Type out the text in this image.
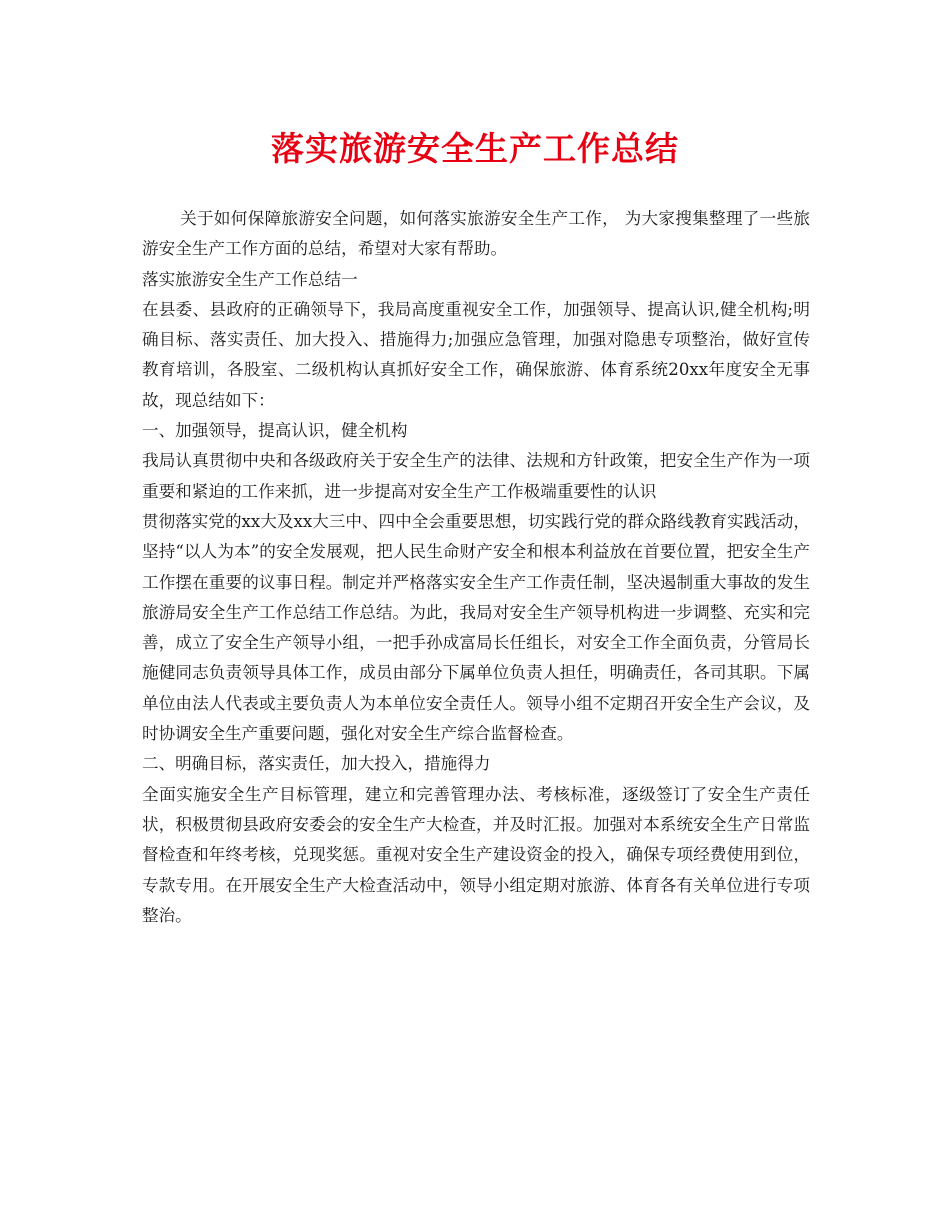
落实旅游安全生产工作总结

关于如何保障旅游安全问题，如何落实旅游安全生产工作， 为大家搜集整理了一些旅游安全生产工作方面的总结，希望对大家有帮助。

落实旅游安全生产工作总结一

在县委、县政府的正确领导下，我局高度重视安全工作，加强领导、提高认识,健全机构;明确目标、落实责任、加大投入、措施得力;加强应急管理，加强对隐患专项整治，做好宣传教育培训，各股室、二级机构认真抓好安全工作，确保旅游、体育系统20xx年度安全无事故，现总结如下：

一、加强领导，提高认识，健全机构

我局认真贯彻中央和各级政府关于安全生产的法律、法规和方针政策，把安全生产作为一项重要和紧迫的工作来抓，进一步提高对安全生产工作极端重要性的认识

贯彻落实党的xx大及xx大三中、四中全会重要思想，切实践行党的群众路线教育实践活动，坚持“以人为本”的安全发展观，把人民生命财产安全和根本利益放在首要位置，把安全生产工作摆在重要的议事日程。制定并严格落实安全生产工作责任制，坚决遏制重大事故的发生旅游局安全生产工作总结工作总结。为此，我局对安全生产领导机构进一步调整、充实和完善，成立了安全生产领导小组，一把手孙成富局长任组长，对安全工作全面负责，分管局长施健同志负责领导具体工作，成员由部分下属单位负责人担任，明确责任，各司其职。下属单位由法人代表或主要负责人为本单位安全责任人。领导小组不定期召开安全生产会议，及时协调安全生产重要问题，强化对安全生产综合监督检查。

二、明确目标，落实责任，加大投入，措施得力

全面实施安全生产目标管理，建立和完善管理办法、考核标准，逐级签订了安全生产责任状，积极贯彻县政府安委会的安全生产大检查，并及时汇报。加强对本系统安全生产日常监督检查和年终考核，兑现奖惩。重视对安全生产建设资金的投入，确保专项经费使用到位，专款专用。在开展安全生产大检查活动中，领导小组定期对旅游、体育各有关单位进行专项整治。
